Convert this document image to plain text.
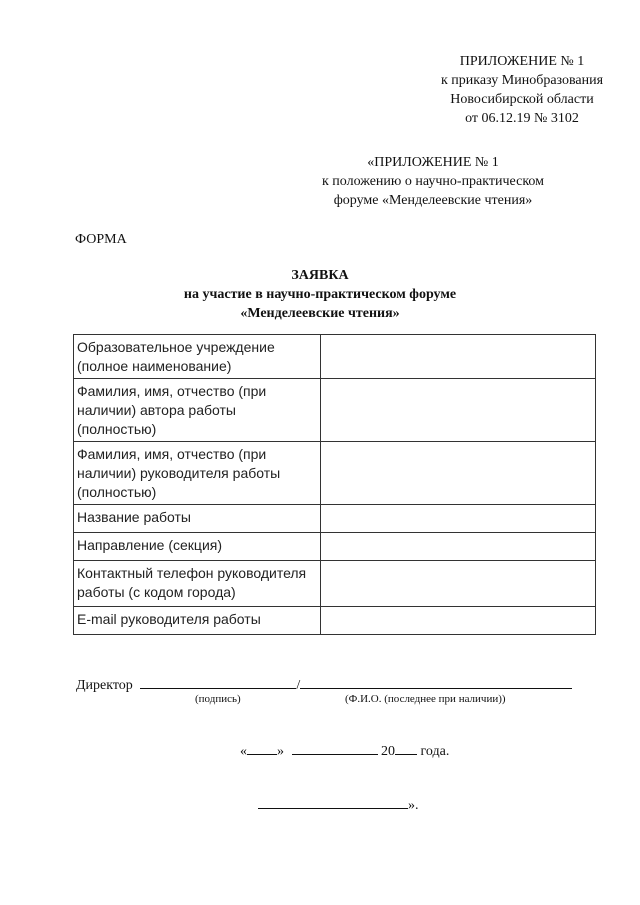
ПРИЛОЖЕНИЕ № 1
к приказу Минобразования
Новосибирской области
от 06.12.19 № 3102
«ПРИЛОЖЕНИЕ № 1
к положению о научно-практическом
форуме «Менделеевские чтения»
ФОРМА
ЗАЯВКА
на участие в научно-практическом форуме
«Менделеевские чтения»
Образовательное учреждение (полное наименование)	
Фамилия, имя, отчество (при наличии) автора работы (полностью)	
Фамилия, имя, отчество (при наличии) руководителя работы (полностью)	
Название работы	
Направление (секция)	
Контактный телефон руководителя работы (с кодом города)	
E-mail руководителя работы	
Директор	/
(подпись)	(Ф.И.О. (последнее при наличии))
« »	20 года.
».
